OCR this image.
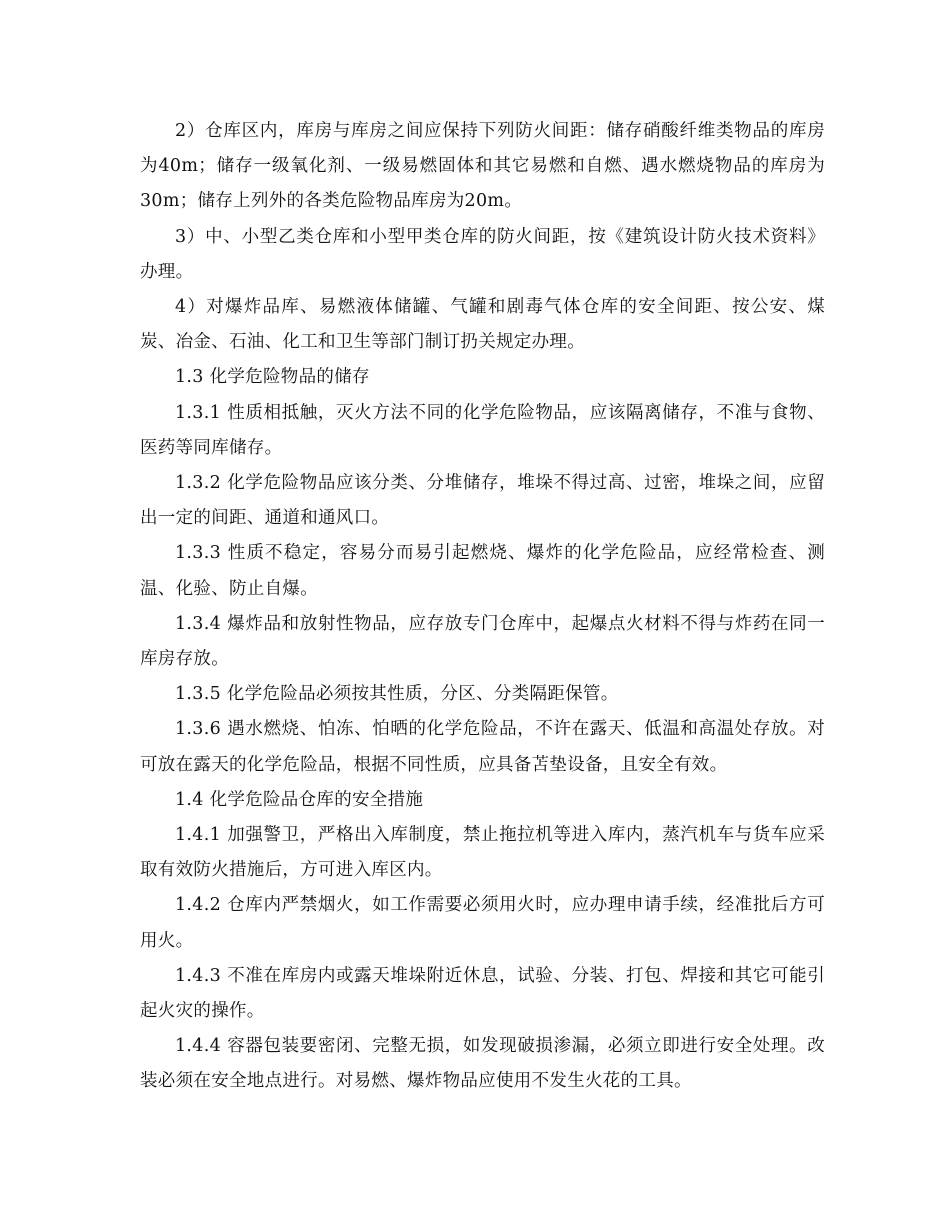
2）仓库区内，库房与库房之间应保持下列防火间距：储存硝酸纤维类物品的库房为40m；储存一级氧化剂、一级易燃固体和其它易燃和自燃、遇水燃烧物品的库房为30m；储存上列外的各类危险物品库房为20m。

3）中、小型乙类仓库和小型甲类仓库的防火间距，按《建筑设计防火技术资料》办理。

4）对爆炸品库、易燃液体储罐、气罐和剧毒气体仓库的安全间距、按公安、煤炭、冶金、石油、化工和卫生等部门制订扔关规定办理。

1.3 化学危险物品的储存

1.3.1 性质相抵触，灭火方法不同的化学危险物品，应该隔离储存，不准与食物、医药等同库储存。

1.3.2 化学危险物品应该分类、分堆储存，堆垛不得过高、过密，堆垛之间，应留出一定的间距、通道和通风口。

1.3.3 性质不稳定，容易分而易引起燃烧、爆炸的化学危险品，应经常检查、测温、化验、防止自爆。

1.3.4 爆炸品和放射性物品，应存放专门仓库中，起爆点火材料不得与炸药在同一库房存放。

1.3.5 化学危险品必须按其性质，分区、分类隔距保管。

1.3.6 遇水燃烧、怕冻、怕晒的化学危险品，不许在露天、低温和高温处存放。对可放在露天的化学危险品，根据不同性质，应具备苫垫设备，且安全有效。

1.4 化学危险品仓库的安全措施

1.4.1 加强警卫，严格出入库制度，禁止拖拉机等进入库内，蒸汽机车与货车应采取有效防火措施后，方可进入库区内。

1.4.2 仓库内严禁烟火，如工作需要必须用火时，应办理申请手续，经准批后方可用火。

1.4.3 不准在库房内或露天堆垛附近休息，试验、分装、打包、焊接和其它可能引起火灾的操作。

1.4.4 容器包装要密闭、完整无损，如发现破损渗漏，必须立即进行安全处理。改装必须在安全地点进行。对易燃、爆炸物品应使用不发生火花的工具。
